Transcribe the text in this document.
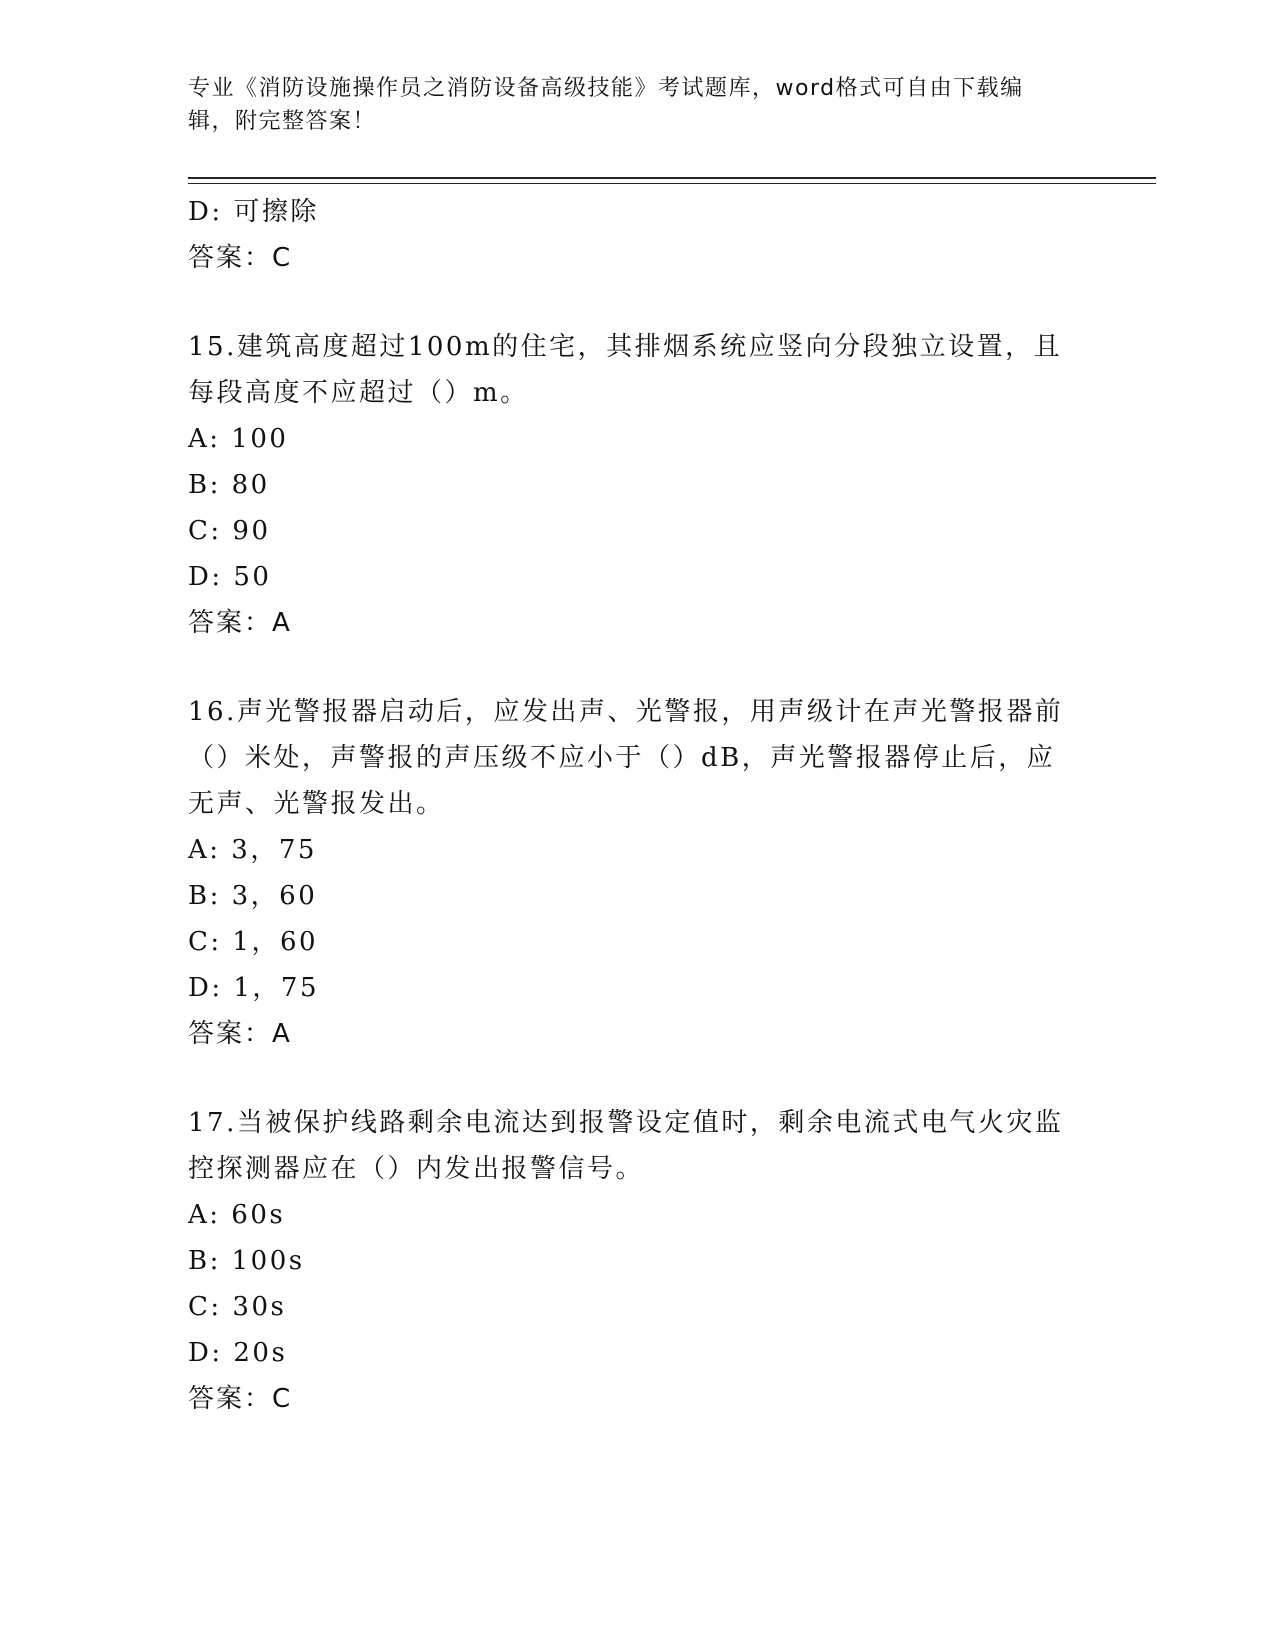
专业《消防设施操作员之消防设备高级技能》考试题库，word格式可自由下载编辑，附完整答案！
D: 可擦除
答案：C
15.建筑高度超过100m的住宅，其排烟系统应竖向分段独立设置，且
每段高度不应超过（）m。
A: 100
B: 80
C: 90
D: 50
答案：A
16.声光警报器启动后，应发出声、光警报，用声级计在声光警报器前
（）米处，声警报的声压级不应小于（）dB，声光警报器停止后，应
无声、光警报发出。
A: 3，75
B: 3，60
C: 1，60
D: 1，75
答案：A
17.当被保护线路剩余电流达到报警设定值时，剩余电流式电气火灾监
控探测器应在（）内发出报警信号。
A: 60s
B: 100s
C: 30s
D: 20s
答案：C
